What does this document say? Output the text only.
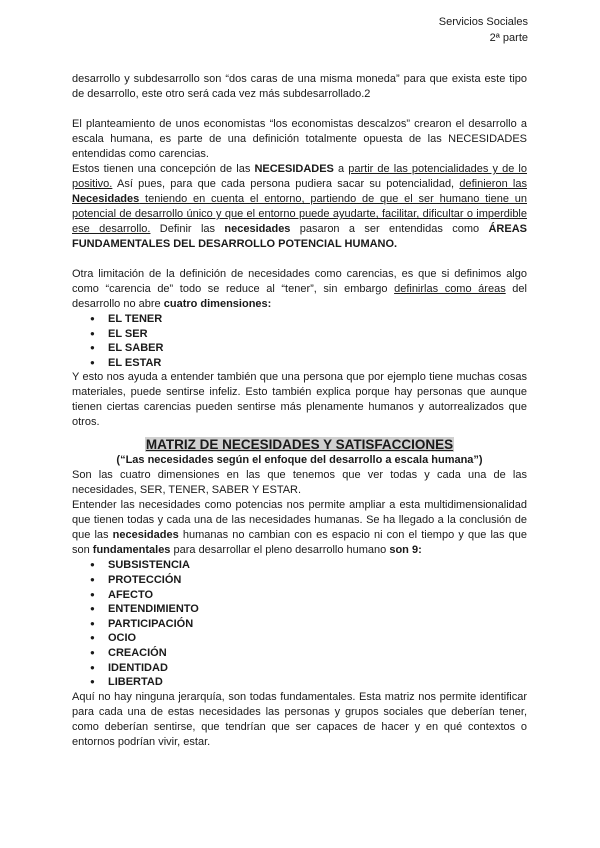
Servicios Sociales
2ª parte

desarrollo y subdesarrollo son “dos caras de una misma moneda” para que exista este tipo de desarrollo, este otro será cada vez más subdesarrollado.2

El planteamiento de unos economistas “los economistas descalzos” crearon el desarrollo a escala humana, es parte de una definición totalmente opuesta de las NECESIDADES entendidas como carencias.

Estos tienen una concepción de las NECESIDADES a partir de las potencialidades y de lo positivo. Así pues, para que cada persona pudiera sacar su potencialidad, definieron las Necesidades teniendo en cuenta el entorno, partiendo de que el ser humano tiene un potencial de desarrollo único y que el entorno puede ayudarte, facilitar, dificultar o imperdible ese desarrollo. Definir las necesidades pasaron a ser entendidas como ÁREAS FUNDAMENTALES DEL DESARROLLO POTENCIAL HUMANO.

Otra limitación de la definición de necesidades como carencias, es que si definimos algo como “carencia de” todo se reduce al “tener”, sin embargo definirlas como áreas del desarrollo no abre cuatro dimensiones:

● EL TENER
● EL SER
● EL SABER
● EL ESTAR

Y esto nos ayuda a entender también que una persona que por ejemplo tiene muchas cosas materiales, puede sentirse infeliz. Esto también explica porque hay personas que aunque tienen ciertas carencias pueden sentirse más plenamente humanos y autorrealizados que otros.

MATRIZ DE NECESIDADES Y SATISFACCIONES
(“Las necesidades según el enfoque del desarrollo a escala humana”)

Son las cuatro dimensiones en las que tenemos que ver todas y cada una de las necesidades, SER, TENER, SABER Y ESTAR.

Entender las necesidades como potencias nos permite ampliar a esta multidimensionalidad que tienen todas y cada una de las necesidades humanas. Se ha llegado a la conclusión de que las necesidades humanas no cambian con es espacio ni con el tiempo y que las que son fundamentales para desarrollar el pleno desarrollo humano son 9:

● SUBSISTENCIA
● PROTECCIÓN
● AFECTO
● ENTENDIMIENTO
● PARTICIPACIÓN
● OCIO
● CREACIÓN
● IDENTIDAD
● LIBERTAD

Aquí no hay ninguna jerarquía, son todas fundamentales. Esta matriz nos permite identificar para cada una de estas necesidades las personas y grupos sociales que deberían tener, como deberían sentirse, que tendrían que ser capaces de hacer y en qué contextos o entornos podrían vivir, estar.
